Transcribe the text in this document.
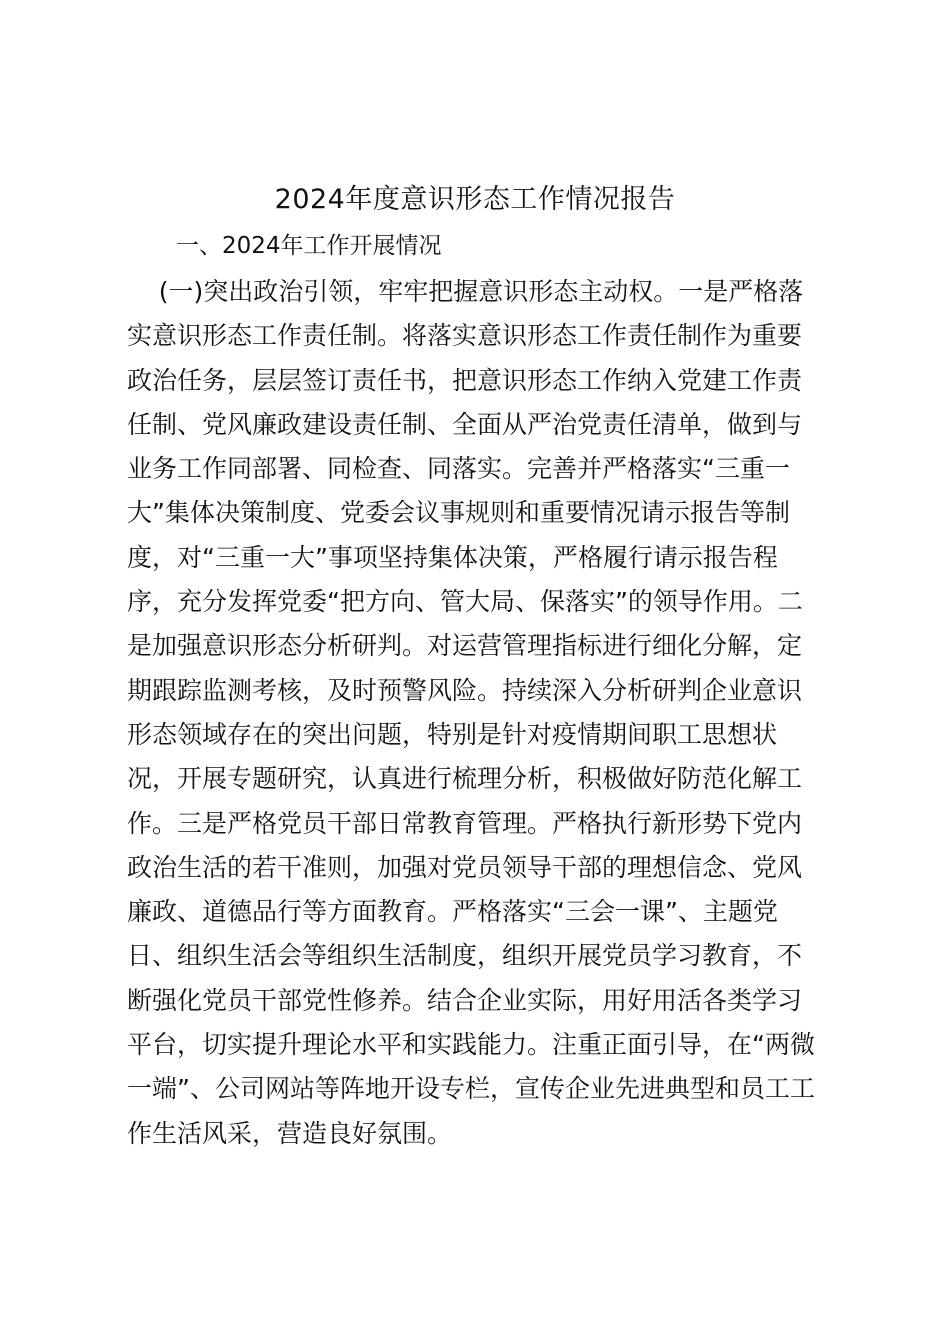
2024年度意识形态工作情况报告
一、2024年工作开展情况
(一)突出政治引领，牢牢把握意识形态主动权。一是严格落
实意识形态工作责任制。将落实意识形态工作责任制作为重要
政治任务，层层签订责任书，把意识形态工作纳入党建工作责
任制、党风廉政建设责任制、全面从严治党责任清单，做到与
业务工作同部署、同检查、同落实。完善并严格落实“三重一
大”集体决策制度、党委会议事规则和重要情况请示报告等制
度，对“三重一大”事项坚持集体决策，严格履行请示报告程
序，充分发挥党委“把方向、管大局、保落实”的领导作用。二
是加强意识形态分析研判。对运营管理指标进行细化分解，定
期跟踪监测考核，及时预警风险。持续深入分析研判企业意识
形态领域存在的突出问题，特别是针对疫情期间职工思想状
况，开展专题研究，认真进行梳理分析，积极做好防范化解工
作。三是严格党员干部日常教育管理。严格执行新形势下党内
政治生活的若干准则，加强对党员领导干部的理想信念、党风
廉政、道德品行等方面教育。严格落实“三会一课”、主题党
日、组织生活会等组织生活制度，组织开展党员学习教育，不
断强化党员干部党性修养。结合企业实际，用好用活各类学习
平台，切实提升理论水平和实践能力。注重正面引导，在“两微
一端”、公司网站等阵地开设专栏，宣传企业先进典型和员工工
作生活风采，营造良好氛围。
